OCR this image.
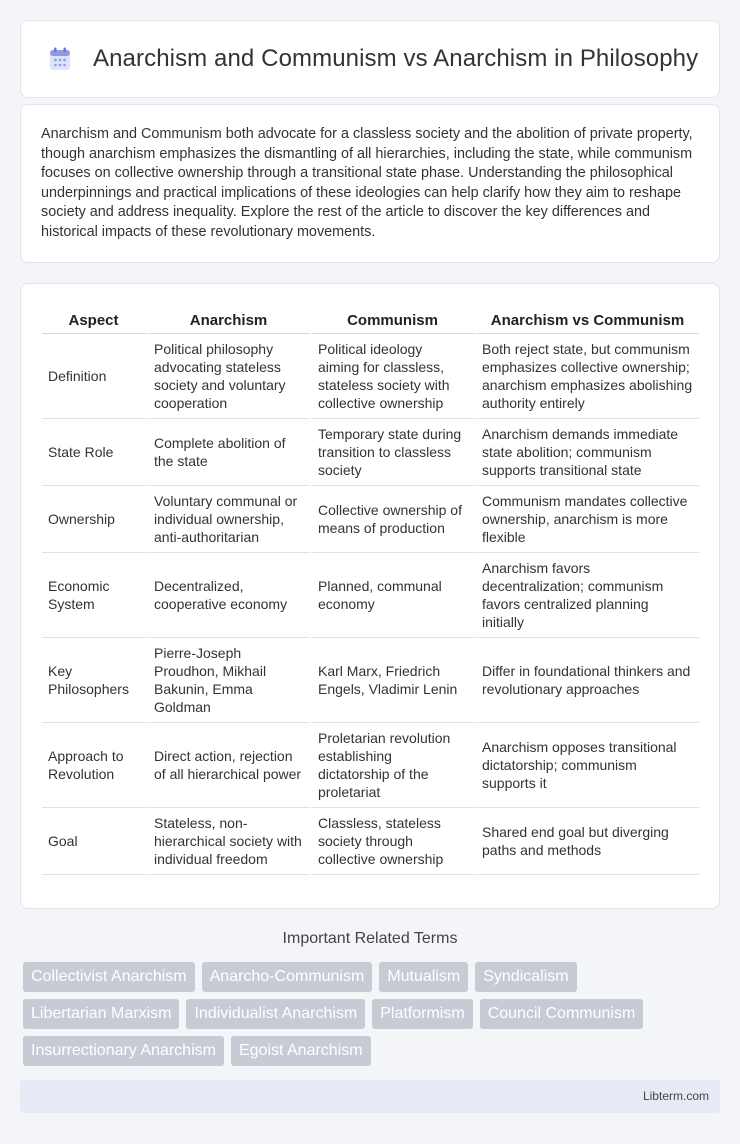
Anarchism and Communism vs Anarchism in Philosophy

Anarchism and Communism both advocate for a classless society and the abolition of private property, though anarchism emphasizes the dismantling of all hierarchies, including the state, while communism focuses on collective ownership through a transitional state phase. Understanding the philosophical underpinnings and practical implications of these ideologies can help clarify how they aim to reshape society and address inequality. Explore the rest of the article to discover the key differences and historical impacts of these revolutionary movements.

Aspect	Anarchism	Communism	Anarchism vs Communism
Definition	Political philosophy advocating stateless society and voluntary cooperation	Political ideology aiming for classless, stateless society with collective ownership	Both reject state, but communism emphasizes collective ownership; anarchism emphasizes abolishing authority entirely
State Role	Complete abolition of the state	Temporary state during transition to classless society	Anarchism demands immediate state abolition; communism supports transitional state
Ownership	Voluntary communal or individual ownership, anti-authoritarian	Collective ownership of means of production	Communism mandates collective ownership, anarchism is more flexible
Economic System	Decentralized, cooperative economy	Planned, communal economy	Anarchism favors decentralization; communism favors centralized planning initially
Key Philosophers	Pierre-Joseph Proudhon, Mikhail Bakunin, Emma Goldman	Karl Marx, Friedrich Engels, Vladimir Lenin	Differ in foundational thinkers and revolutionary approaches
Approach to Revolution	Direct action, rejection of all hierarchical power	Proletarian revolution establishing dictatorship of the proletariat	Anarchism opposes transitional dictatorship; communism supports it
Goal	Stateless, non-hierarchical society with individual freedom	Classless, stateless society through collective ownership	Shared end goal but diverging paths and methods
Important Related Terms
Collectivist Anarchism	Anarcho-Communism	Mutualism	Syndicalism
Libertarian Marxism	Individualist Anarchism	Platformism	Council Communism
Insurrectionary Anarchism	Egoist Anarchism
Libterm.com
